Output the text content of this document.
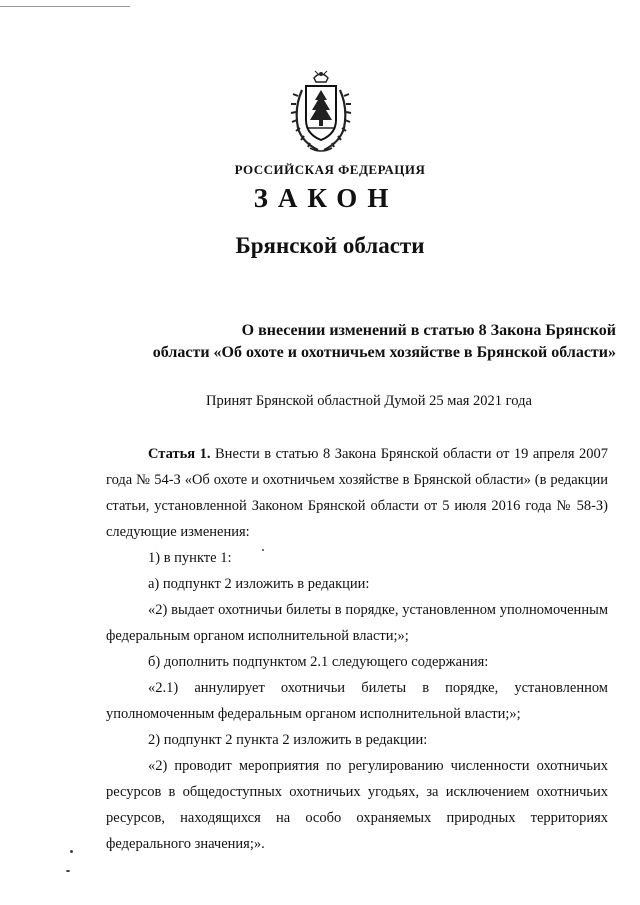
РОССИЙСКАЯ ФЕДЕРАЦИЯ
ЗАКОН
Брянской области
О внесении изменений в статью 8 Закона Брянской
области «Об охоте и охотничьем хозяйстве в Брянской области»
Принят Брянской областной Думой 25 мая 2021 года

Статья 1. Внести в статью 8 Закона Брянской области от 19 апреля 2007 года № 54-З «Об охоте и охотничьем хозяйстве в Брянской области» (в редакции статьи, установленной Законом Брянской области от 5 июля 2016 года № 58-З) следующие изменения:

1) в пункте 1:

а) подпункт 2 изложить в редакции:

«2) выдает охотничьи билеты в порядке, установленном уполномоченным федеральным органом исполнительной власти;»;

б) дополнить подпунктом 2.1 следующего содержания:

«2.1) аннулирует охотничьи билеты в порядке, установленном уполномоченным федеральным органом исполнительной власти;»;

2) подпункт 2 пункта 2 изложить в редакции:

«2) проводит мероприятия по регулированию численности охотничьих ресурсов в общедоступных охотничьих угодьях, за исключением охотничьих ресурсов, находящихся на особо охраняемых природных территориях федерального значения;».
